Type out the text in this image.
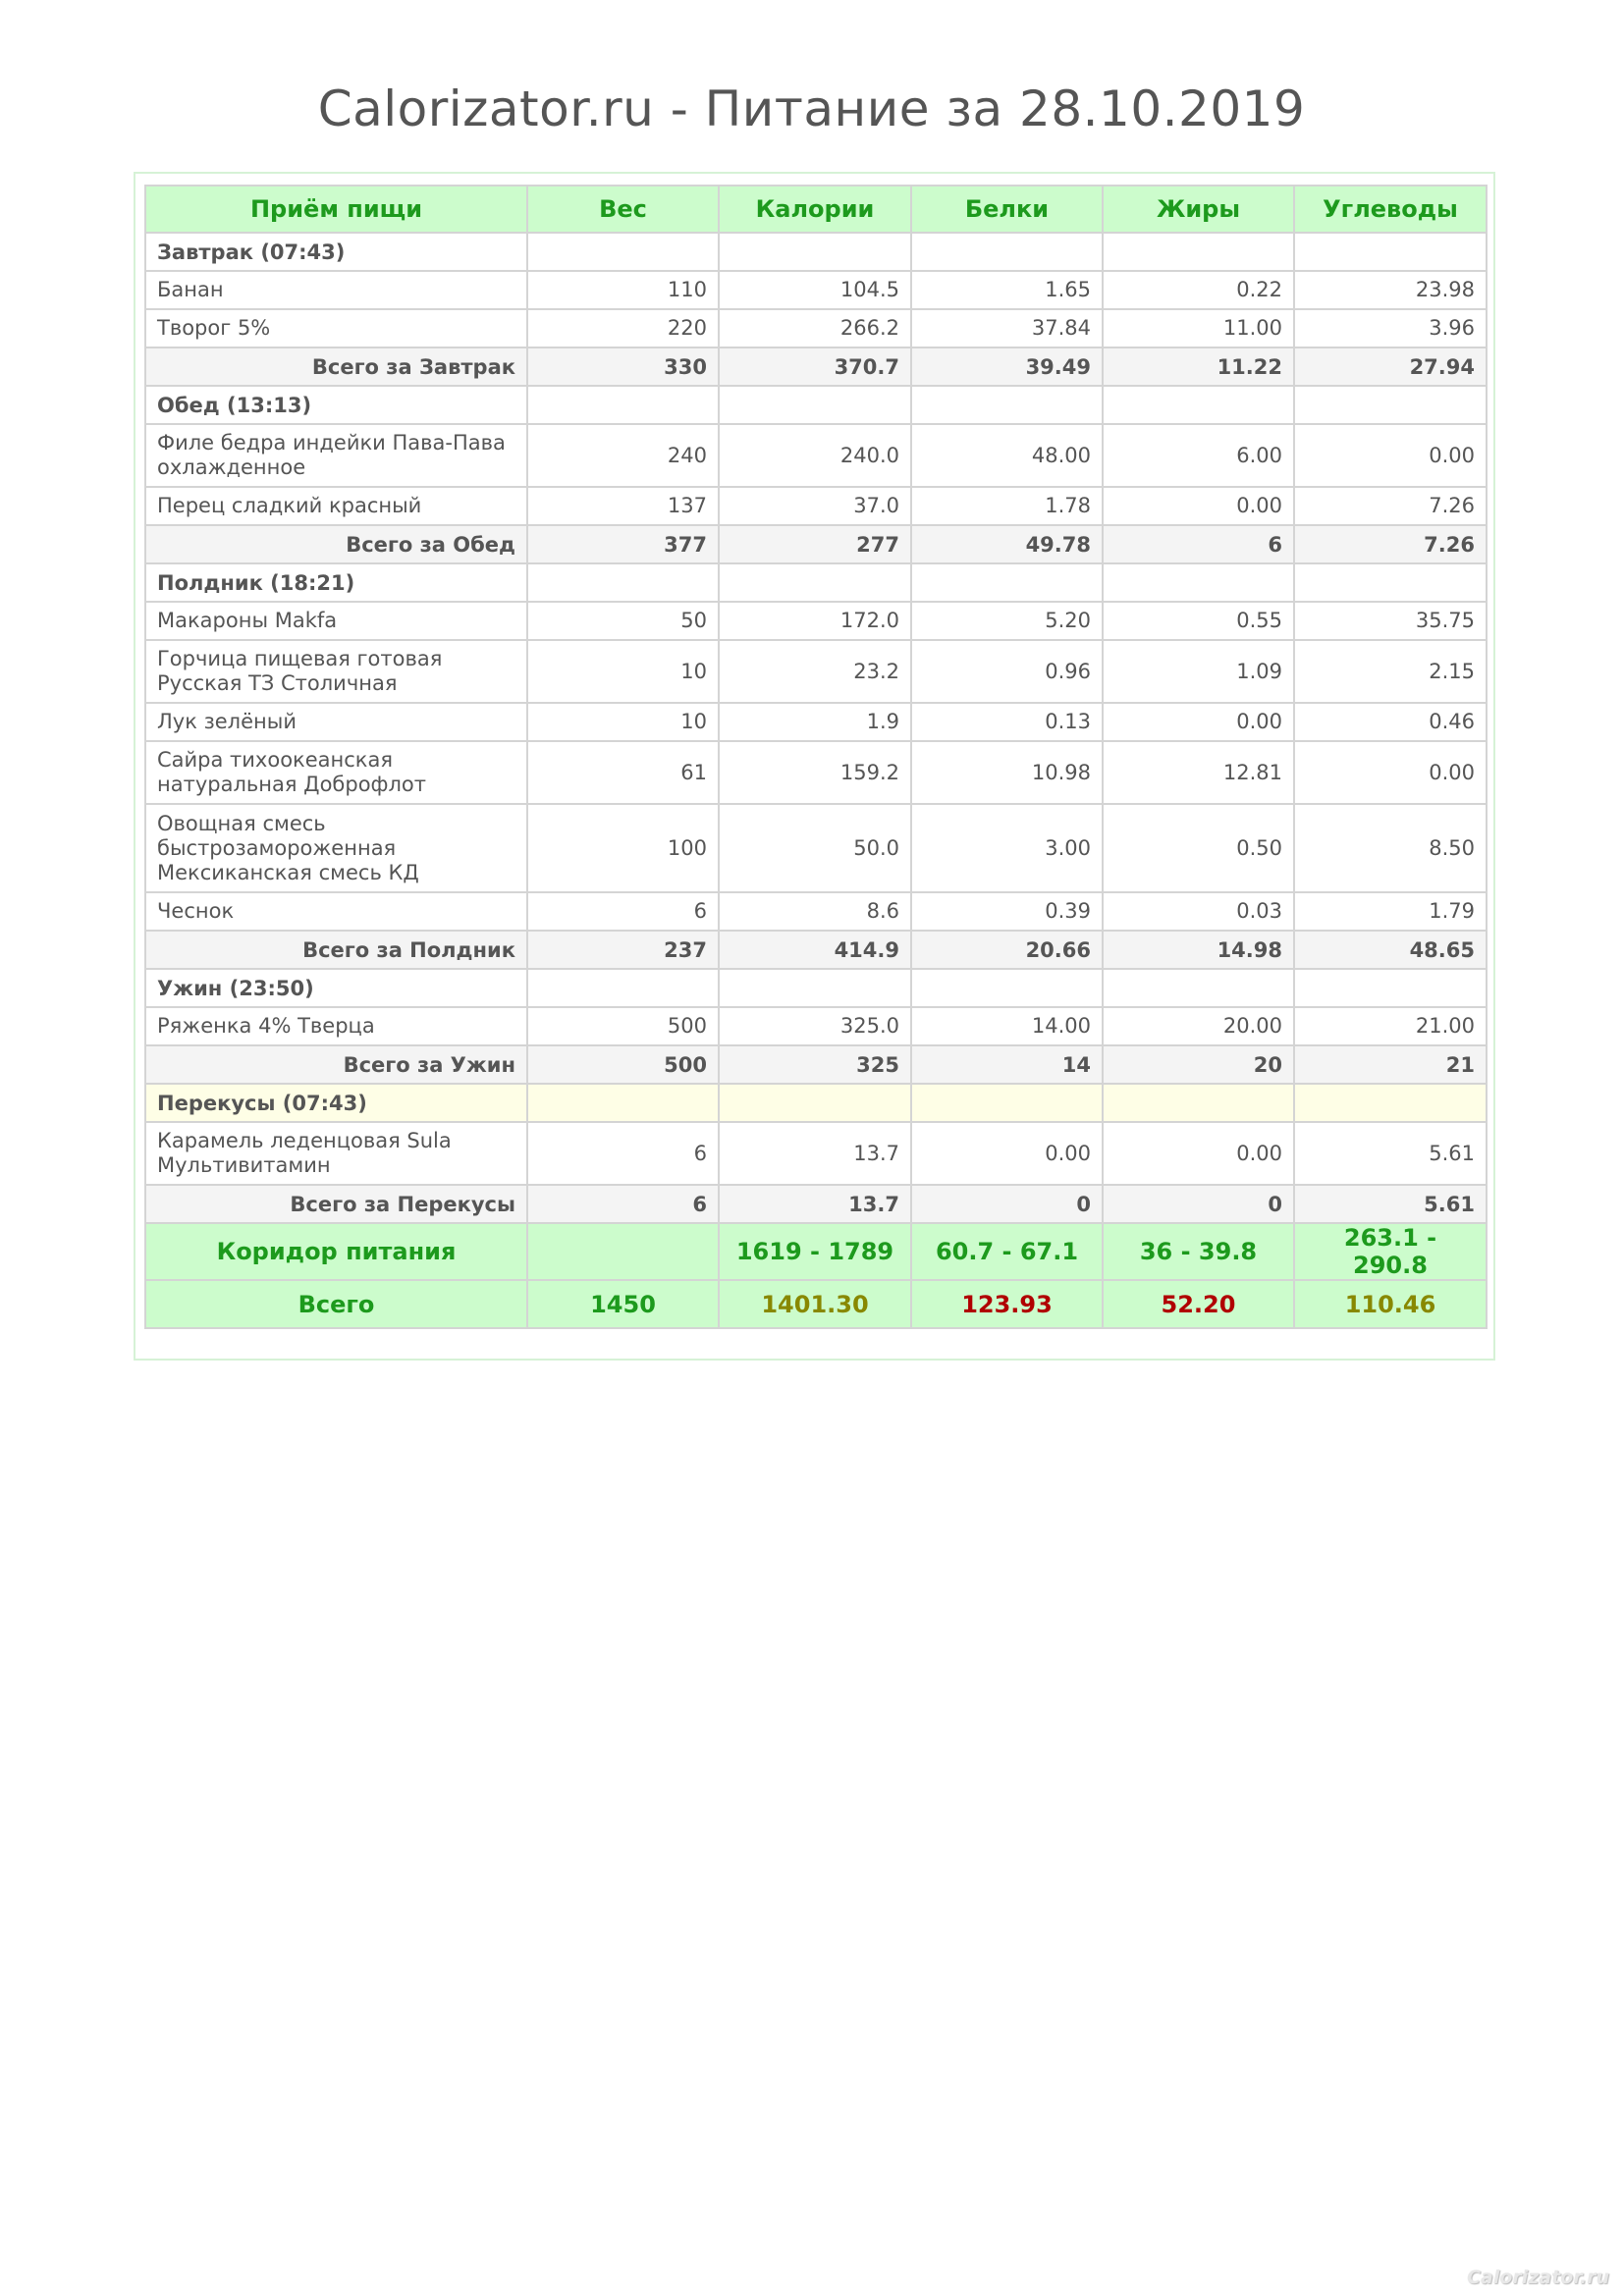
Calorizator.ru - Питание за 28.10.2019
Приём пищи	Вес	Калории	Белки	Жиры	Углеводы
Завтрак (07:43)					
Банан	110	104.5	1.65	0.22	23.98
Творог 5%	220	266.2	37.84	11.00	3.96
Всего за Завтрак	330	370.7	39.49	11.22	27.94
Обед (13:13)					
Филе бедра индейки Пава-Пава охлажденное	240	240.0	48.00	6.00	0.00
Перец сладкий красный	137	37.0	1.78	0.00	7.26
Всего за Обед	377	277	49.78	6	7.26
Полдник (18:21)					
Макароны Makfa	50	172.0	5.20	0.55	35.75
Горчица пищевая готовая Русская ТЗ Столичная	10	23.2	0.96	1.09	2.15
Лук зелёный	10	1.9	0.13	0.00	0.46
Сайра тихоокеанская натуральная Доброфлот	61	159.2	10.98	12.81	0.00
Овощная смесь быстрозамороженная Мексиканская смесь КД	100	50.0	3.00	0.50	8.50
Чеснок	6	8.6	0.39	0.03	1.79
Всего за Полдник	237	414.9	20.66	14.98	48.65
Ужин (23:50)					
Ряженка 4% Тверца	500	325.0	14.00	20.00	21.00
Всего за Ужин	500	325	14	20	21
Перекусы (07:43)					
Карамель леденцовая Sula Мультивитамин	6	13.7	0.00	0.00	5.61
Всего за Перекусы	6	13.7	0	0	5.61
Коридор питания		1619 - 1789	60.7 - 67.1	36 - 39.8	263.1 - 290.8
Всего	1450	1401.30	123.93	52.20	110.46
Calorizator.ru
